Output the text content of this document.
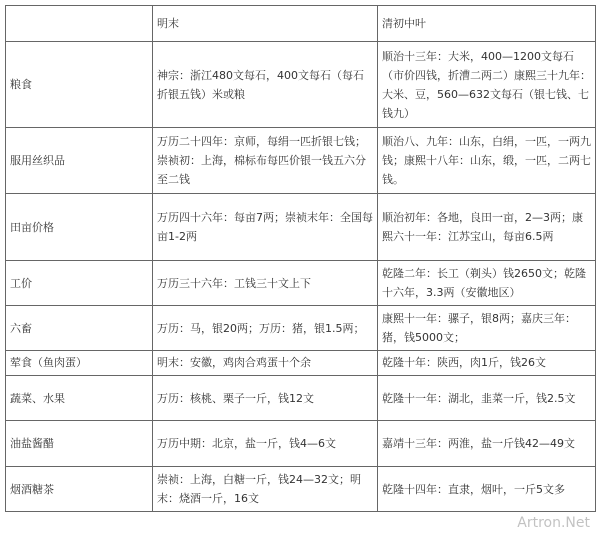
	明末	清初中叶
粮食	神宗：浙江480文每石，400文每石（每石折银五钱）米或粮	顺治十三年：大米，400—1200文每石（市价四钱，折漕二两二）康熙三十九年：大米、豆，560—632文每石（银七钱、七钱九）
服用丝织品	万历二十四年：京师，每绢一匹折银七钱；崇祯初：上海，棉标布每匹价银一钱五六分至二钱	顺治八、九年：山东，白绢，一匹，一两九钱；康熙十八年：山东，缎，一匹，二两七钱。
田亩价格	万历四十六年：每亩7两；崇祯末年：全国每亩1-2两	顺治初年：各地，良田一亩，2—3两；康熙六十一年：江苏宝山，每亩6.5两
工价	万历三十六年：工钱三十文上下	乾隆二年：长工（剃头）钱2650文；乾隆十六年，3.3两（安徽地区）
六畜	万历：马，银20两；万历：猪，银1.5两；	康熙十一年：骡子，银8两；嘉庆三年：猪，钱5000文；
荤食（鱼肉蛋）	明末：安徽，鸡肉合鸡蛋十个余	乾隆十年：陕西，肉1斤，钱26文
蔬菜、水果	万历：核桃、栗子一斤，钱12文	乾隆十一年：湖北，韭菜一斤，钱2.5文
油盐酱醋	万历中期：北京，盐一斤，钱4—6文	嘉靖十三年：两淮，盐一斤钱42—49文
烟酒糖茶	崇祯：上海，白糖一斤，钱24—32文；明末：烧酒一斤，16文	乾隆十四年：直隶，烟叶，一斤5文多
Artron.Net
